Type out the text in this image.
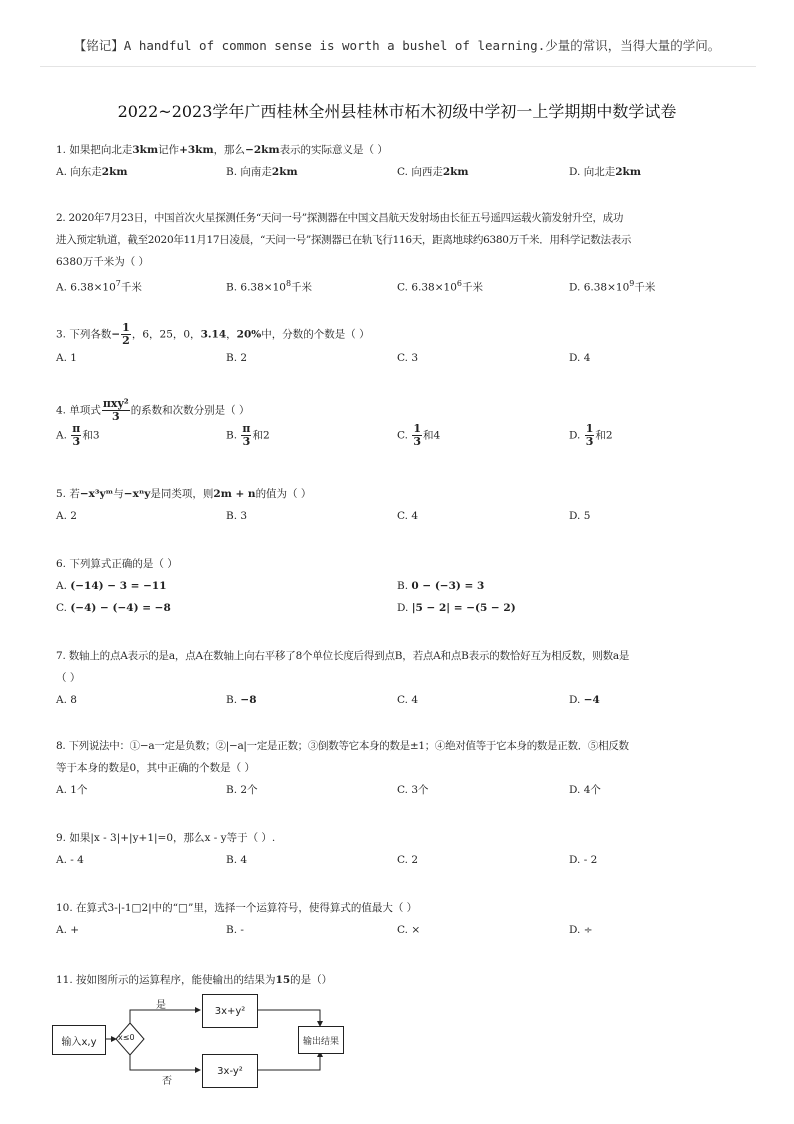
【铭记】A handful of common sense is worth a bushel of learning.少量的常识，当得大量的学问。
2022~2023学年广西桂林全州县桂林市柘木初级中学初一上学期期中数学试卷

1. 如果把向北走3km记作+3km，那么−2km表示的实际意义是（ ）

A. 向东走2km	B. 向南走2km	C. 向西走2km	D. 向北走2km

2. 2020年7月23日，中国首次火星探测任务“天问一号”探测器在中国文昌航天发射场由长征五号遥四运载火箭发射升空，成功

进入预定轨道，截至2020年11月17日凌晨，“天问一号”探测器已在轨飞行116天，距离地球约6380万千米．用科学记数法表示

6380万千米为（ ）

A. $6.38\times 10^7$千米	B. $6.38\times 10^8$千米	C. $6.38\times 10^6$千米	D. $6.38\times 10^9$千米

3. 下列各数− $\frac{1}{2}$ ，6，25，0，3.14，20%中，分数的个数是（ ）

A. 1	B. 2	C. 3	D. 4

4. 单项式 $\frac{\text{πxy²}}{3}$ 的系数和次数分别是（ ）

A. $\frac{\pi}{3}$ 和3	B. $\frac{\pi}{3}$ 和2	C. $\frac{1}{3}$ 和4	D. $\frac{1}{3}$ 和2

5. 若−x³yᵐ与−xⁿy是同类项，则2m + n的值为（ ）

A. 2	B. 3	C. 4	D. 5

6. 下列算式正确的是（ ）

A. (−14) − 3 = −11	B. 0 − (−3) = 3
C. (−4) − (−4) = −8	D. |5 − 2| = −(5 − 2)

7. 数轴上的点A表示的是a，点A在数轴上向右平移了8个单位长度后得到点B，若点A和点B表示的数恰好互为相反数，则数a是

（ ）

A. 8	B. −8	C. 4	D. −4

8. 下列说法中：①−a一定是负数；②|−a|一定是正数；③倒数等它本身的数是±1；④绝对值等于它本身的数是正数．⑤相反数

等于本身的数是0，其中正确的个数是（ ）

A. 1个	B. 2个	C. 3个	D. 4个

9. 如果|x - 3|+|y+1|=0，那么x - y等于（ ）.

A. - 4	B. 4	C. 2	D. - 2

10. 在算式3-|-1□2|中的“□”里，选择一个运算符号，使得算式的值最大（ ）

A. +	B. -	C. ×	D. ÷

11. 按如图所示的运算程序，能使输出的结果为15的是（）

输入x,y	x≤0
是
否
3x+y²
3x-y²
输出结果
